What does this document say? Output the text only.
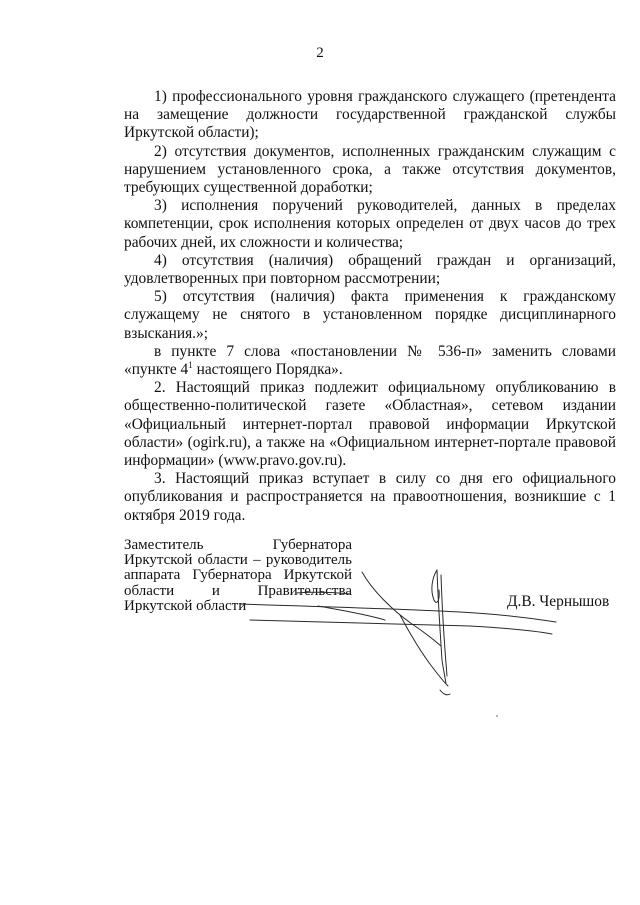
2

1) профессионального уровня гражданского служащего (претендента на замещение должности государственной гражданской службы Иркутской области);

2) отсутствия документов, исполненных гражданским служащим с нарушением установленного срока, а также отсутствия документов, требующих существенной доработки;

3) исполнения поручений руководителей, данных в пределах компетенции, срок исполнения которых определен от двух часов до трех рабочих дней, их сложности и количества;

4) отсутствия (наличия) обращений граждан и организаций, удовлетворенных при повторном рассмотрении;

5) отсутствия (наличия) факта применения к гражданскому служащему не снятого в установленном порядке дисциплинарного взыскания.»;

в пункте 7 слова «постановлении № 536-п» заменить словами «пункте $4^1$ настоящего Порядка».

2. Настоящий приказ подлежит официальному опубликованию в общественно-политической газете «Областная», сетевом издании «Официальный интернет-портал правовой информации Иркутской области» (ogirk.ru), а также на «Официальном интернет-портале правовой информации» (www.pravo.gov.ru).

3. Настоящий приказ вступает в силу со дня его официального опубликования и распространяется на правоотношения, возникшие с 1 октября 2019 года.

Заместитель Губернатора
Иркутской области – руководитель
аппарата Губернатора Иркутской
области и Правительства
Иркутской области	Д.В. Чернышов
